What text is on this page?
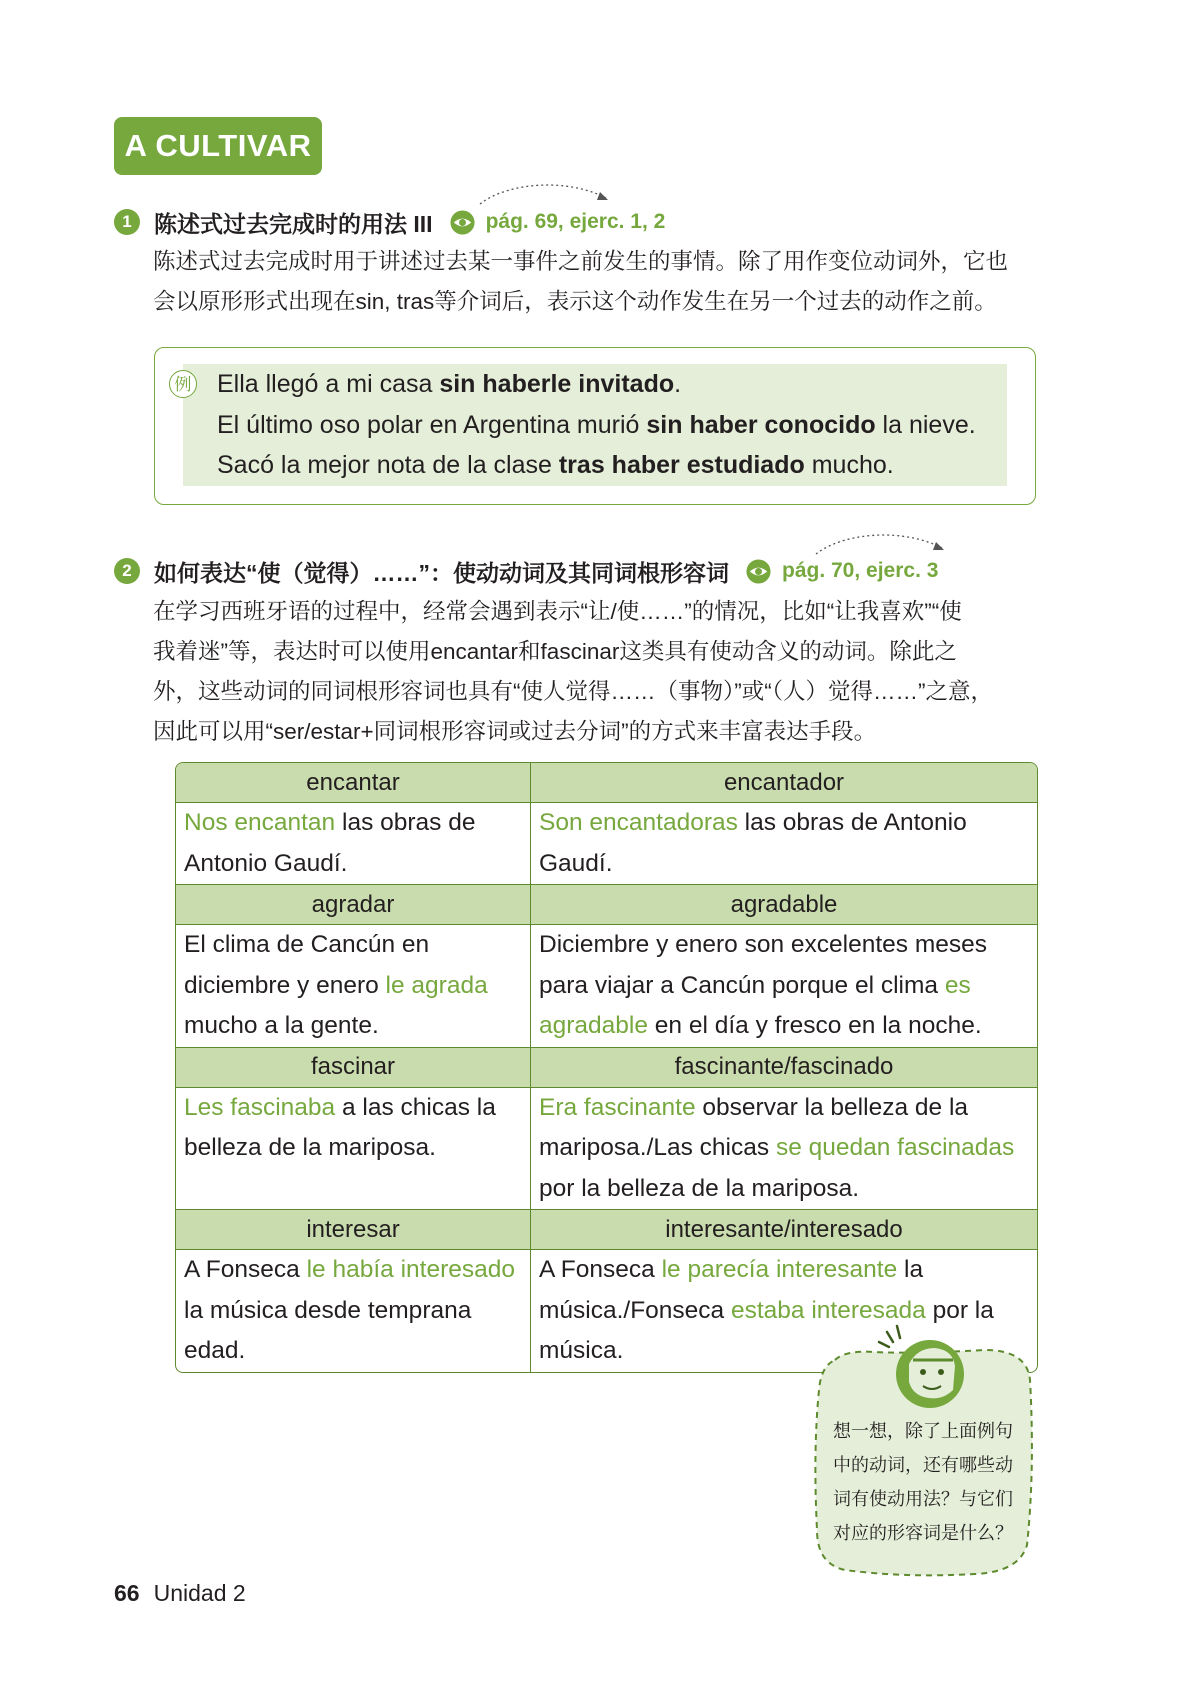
A CULTIVAR
1 陈述式过去完成时的用法 III	pág. 69, ejerc. 1, 2

陈述式过去完成时用于讲述过去某一事件之前发生的事情。除了用作变位动词外，它也

会以原形形式出现在sin, tras等介词后，表示这个动作发生在另一个过去的动作之前。

例 Ella llegó a mi casa sin haberle invitado.
El último oso polar en Argentina murió sin haber conocido la nieve.
Sacó la mejor nota de la clase tras haber estudiado mucho.
2 如何表达“使（觉得）……”：使动动词及其同词根形容词	pág. 70, ejerc. 3

在学习西班牙语的过程中，经常会遇到表示“让/使……”的情况，比如“让我喜欢”“使

我着迷”等，表达时可以使用encantar和fascinar这类具有使动含义的动词。除此之

外，这些动词的同词根形容词也具有“使人觉得……（事物）”或“（人）觉得……”之意，

因此可以用“ser/estar+同词根形容词或过去分词”的方式来丰富表达手段。

encantar	encantador
Nos encantan las obras de Antonio Gaudí.	Son encantadoras las obras de Antonio Gaudí.
agradar	agradable
El clima de Cancún en diciembre y enero le agrada mucho a la gente.	Diciembre y enero son excelentes meses para viajar a Cancún porque el clima es agradable en el día y fresco en la noche.
fascinar	fascinante/fascinado
Les fascinaba a las chicas la belleza de la mariposa.	Era fascinante observar la belleza de la mariposa./Las chicas se quedan fascinadas por la belleza de la mariposa.
interesar	interesante/interesado
A Fonseca le había interesado la música desde temprana edad.	A Fonseca le parecía interesante la música./Fonseca estaba interesada por la música.
想一想，除了上面例句
中的动词，还有哪些动
词有使动用法？与它们
对应的形容词是什么？
66 Unidad 2
